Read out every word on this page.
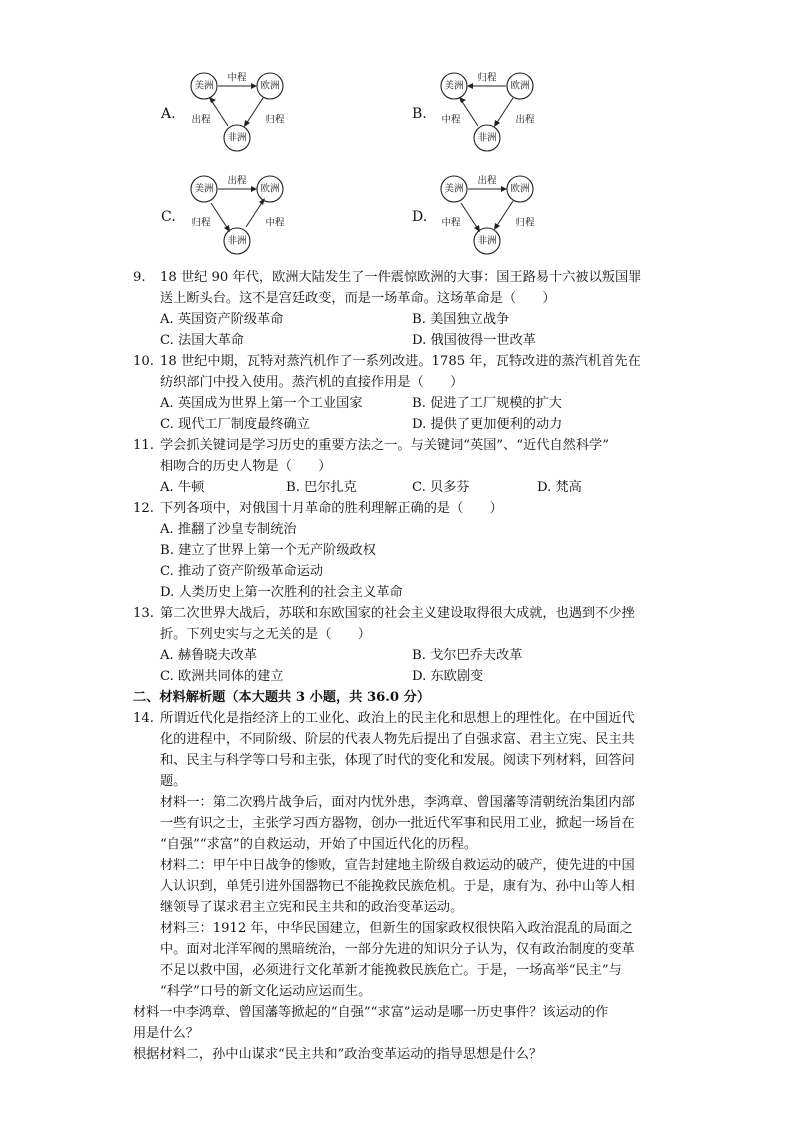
A.
美洲	欧洲
非洲
中程
出程	归程	B.
美洲	欧洲
非洲
归程
中程	出程
C.
美洲	欧洲
非洲
出程
归程	中程	D.
美洲	欧洲
非洲
出程
中程	归程
9. 18 世纪 90 年代，欧洲大陆发生了一件震惊欧洲的大事：国王路易十六被以叛国罪
送上断头台。这不是宫廷政变，而是一场革命。这场革命是（　　）
A. 英国资产阶级革命	B. 美国独立战争
C. 法国大革命	D. 俄国彼得一世改革
10. 18 世纪中期，瓦特对蒸汽机作了一系列改进。1785 年，瓦特改进的蒸汽机首先在
纺织部门中投入使用。蒸汽机的直接作用是（　　）
A. 英国成为世界上第一个工业国家	B. 促进了工厂规模的扩大
C. 现代工厂制度最终确立	D. 提供了更加便利的动力
11. 学会抓关键词是学习历史的重要方法之一。与关键词“英国”、“近代自然科学”
相吻合的历史人物是（　　）
A. 牛顿	B. 巴尔扎克	C. 贝多芬	D. 梵高
12. 下列各项中，对俄国十月革命的胜利理解正确的是（　　）
A. 推翻了沙皇专制统治
B. 建立了世界上第一个无产阶级政权
C. 推动了资产阶级革命运动
D. 人类历史上第一次胜利的社会主义革命
13. 第二次世界大战后，苏联和东欧国家的社会主义建设取得很大成就，也遇到不少挫
折。下列史实与之无关的是（　　）
A. 赫鲁晓夫改革	B. 戈尔巴乔夫改革
C. 欧洲共同体的建立	D. 东欧剧变
二、材料解析题（本大题共 3 小题，共 36.0 分）
14. 所谓近代化是指经济上的工业化、政治上的民主化和思想上的理性化。在中国近代
化的进程中，不同阶级、阶层的代表人物先后提出了自强求富、君主立宪、民主共
和、民主与科学等口号和主张，体现了时代的变化和发展。阅读下列材料，回答问
题。
材料一：第二次鸦片战争后，面对内忧外患，李鸿章、曾国藩等清朝统治集团内部
一些有识之士，主张学习西方器物，创办一批近代军事和民用工业，掀起一场旨在
“自强”“求富”的自救运动，开始了中国近代化的历程。
材料二：甲午中日战争的惨败，宣告封建地主阶级自救运动的破产，使先进的中国
人认识到，单凭引进外国器物已不能挽救民族危机。于是，康有为、孙中山等人相
继领导了谋求君主立宪和民主共和的政治变革运动。
材料三：1912 年，中华民国建立，但新生的国家政权很快陷入政治混乱的局面之
中。面对北洋军阀的黑暗统治，一部分先进的知识分子认为，仅有政治制度的变革
不足以救中国，必须进行文化革新才能挽救民族危亡。于是，一场高举“民主”与
“科学”口号的新文化运动应运而生。
材料一中李鸿章、曾国藩等掀起的“自强”“求富”运动是哪一历史事件？该运动的作
用是什么？
根据材料二，孙中山谋求“民主共和”政治变革运动的指导思想是什么？
